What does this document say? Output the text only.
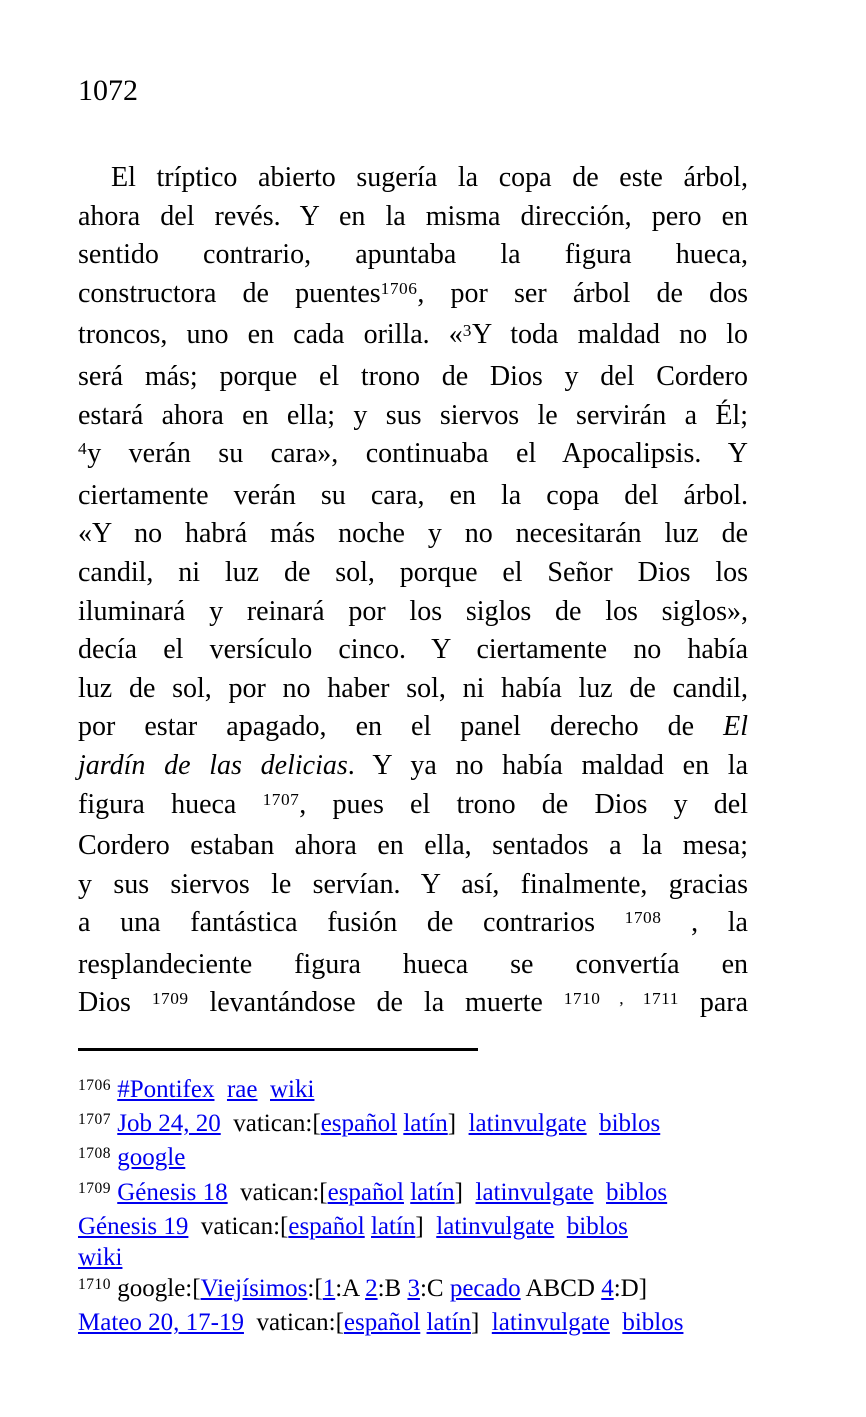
1072
El tríptico abierto sugería la copa de este árbol,
ahora del revés. Y en la misma dirección, pero en
sentido contrario, apuntaba la figura hueca,
constructora de puentes$^{1706}$, por ser árbol de dos
troncos, uno en cada orilla. «$^3$Y toda maldad no lo
será más; porque el trono de Dios y del Cordero
estará ahora en ella; y sus siervos le servirán a Él;
$^4$y verán su cara», continuaba el Apocalipsis. Y
ciertamente verán su cara, en la copa del árbol.
«Y no habrá más noche y no necesitarán luz de
candil, ni luz de sol, porque el Señor Dios los
iluminará y reinará por los siglos de los siglos»,
decía el versículo cinco. Y ciertamente no había
luz de sol, por no haber sol, ni había luz de candil,
por estar apagado, en el panel derecho de El
jardín de las delicias. Y ya no había maldad en la
figura hueca $^{1707}$, pues el trono de Dios y del
Cordero estaban ahora en ella, sentados a la mesa;
y sus siervos le servían. Y así, finalmente, gracias
a una fantástica fusión de contrarios $^{1708}$ , la
resplandeciente figura hueca se convertía en
Dios $^{1709}$ levantándose de la muerte $^{1710 , 1711}$ para
$^{1706}$ #Pontifex rae wiki
$^{1707}$ Job 24, 20  vatican:[español latín]  latinvulgate biblos
$^{1708}$ google
$^{1709}$ Génesis 18  vatican:[español latín]  latinvulgate biblos
Génesis 19  vatican:[español latín]  latinvulgate biblos
wiki
$^{1710}$ google:[Viejísimos:[1:A 2:B 3:C pecado ABCD 4:D]
Mateo 20, 17-19  vatican:[español latín]  latinvulgate biblos
